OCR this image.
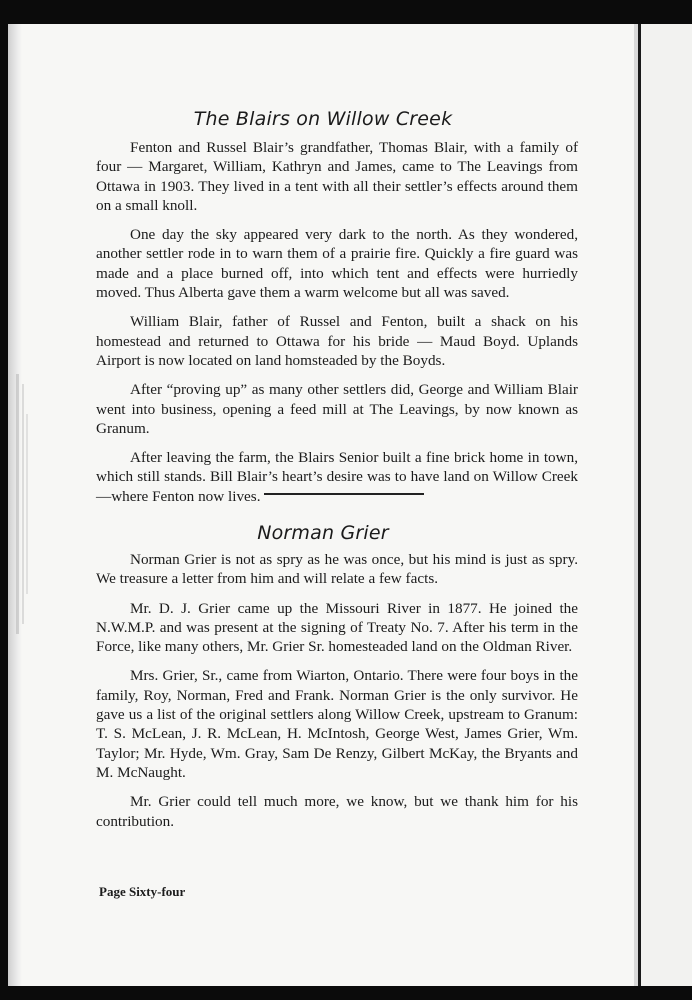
The Blairs on Willow Creek

Fenton and Russel Blair’s grandfather, Thomas Blair, with a family of four — Margaret, William, Kathryn and James, came to The Leavings from Ottawa in 1903. They lived in a tent with all their settler’s effects around them on a small knoll.

One day the sky appeared very dark to the north. As they wondered, another settler rode in to warn them of a prairie fire. Quickly a fire guard was made and a place burned off, into which tent and effects were hurriedly moved. Thus Alberta gave them a warm welcome but all was saved.

William Blair, father of Russel and Fenton, built a shack on his homestead and returned to Ottawa for his bride — Maud Boyd. Uplands Airport is now located on land homsteaded by the Boyds.

After “proving up” as many other settlers did, George and William Blair went into business, opening a feed mill at The Leavings, by now known as Granum.

After leaving the farm, the Blairs Senior built a fine brick home in town, which still stands. Bill Blair’s heart’s desire was to have land on Willow Creek—where Fenton now lives.

Norman Grier

Norman Grier is not as spry as he was once, but his mind is just as spry. We treasure a letter from him and will relate a few facts.

Mr. D. J. Grier came up the Missouri River in 1877. He joined the N.W.M.P. and was present at the signing of Treaty No. 7. After his term in the Force, like many others, Mr. Grier Sr. homesteaded land on the Oldman River.

Mrs. Grier, Sr., came from Wiarton, Ontario. There were four boys in the family, Roy, Norman, Fred and Frank. Norman Grier is the only survivor. He gave us a list of the original settlers along Willow Creek, upstream to Granum: T. S. McLean, J. R. McLean, H. McIntosh, George West, James Grier, Wm. Taylor; Mr. Hyde, Wm. Gray, Sam De Renzy, Gilbert McKay, the Bryants and M. McNaught.

Mr. Grier could tell much more, we know, but we thank him for his contribution.

Page Sixty-four
